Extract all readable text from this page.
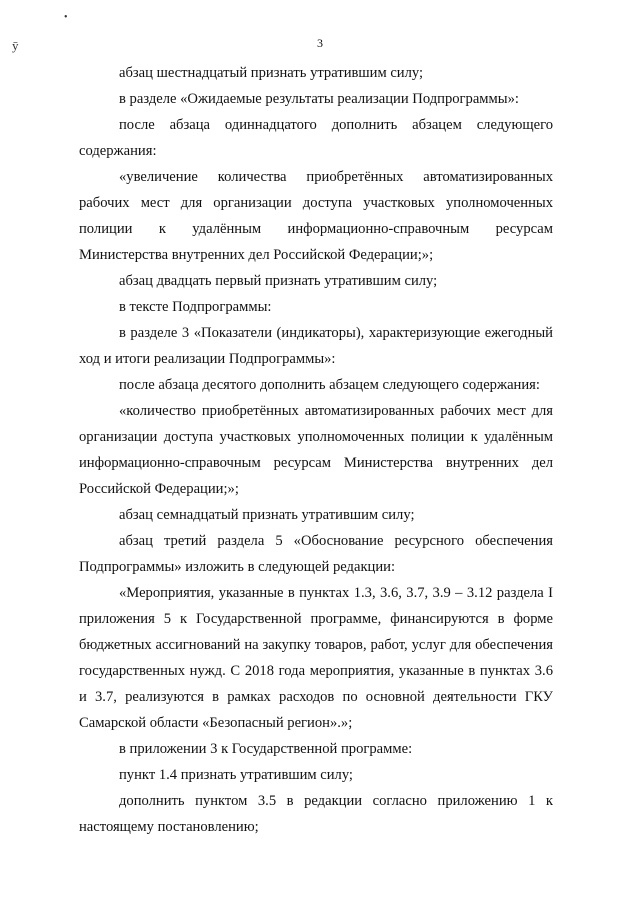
•
ȳ	3

абзац шестнадцатый признать утратившим силу;

в разделе «Ожидаемые результаты реализации Подпрограммы»:

после абзаца одиннадцатого дополнить абзацем следующего содержания:

«увеличение количества приобретённых автоматизированных рабочих мест для организации доступа участковых уполномоченных полиции к удалённым информационно-справочным ресурсам Министерства внутренних дел Российской Федерации;»;

абзац двадцать первый признать утратившим силу;

в тексте Подпрограммы:

в разделе 3 «Показатели (индикаторы), характеризующие ежегодный ход и итоги реализации Подпрограммы»:

после абзаца десятого дополнить абзацем следующего содержания:

«количество приобретённых автоматизированных рабочих мест для организации доступа участковых уполномоченных полиции к удалённым информационно-справочным ресурсам Министерства внутренних дел Российской Федерации;»;

абзац семнадцатый признать утратившим силу;

абзац третий раздела 5 «Обоснование ресурсного обеспечения Подпрограммы» изложить в следующей редакции:

«Мероприятия, указанные в пунктах 1.3, 3.6, 3.7, 3.9 – 3.12 раздела I приложения 5 к Государственной программе, финансируются в форме бюджетных ассигнований на закупку товаров, работ, услуг для обеспечения государственных нужд. С 2018 года мероприятия, указанные в пунктах 3.6 и 3.7, реализуются в рамках расходов по основной деятельности ГКУ Самарской области «Безопасный регион».»;

в приложении 3 к Государственной программе:

пункт 1.4 признать утратившим силу;

дополнить пунктом 3.5 в редакции согласно приложению 1 к настоящему постановлению;
